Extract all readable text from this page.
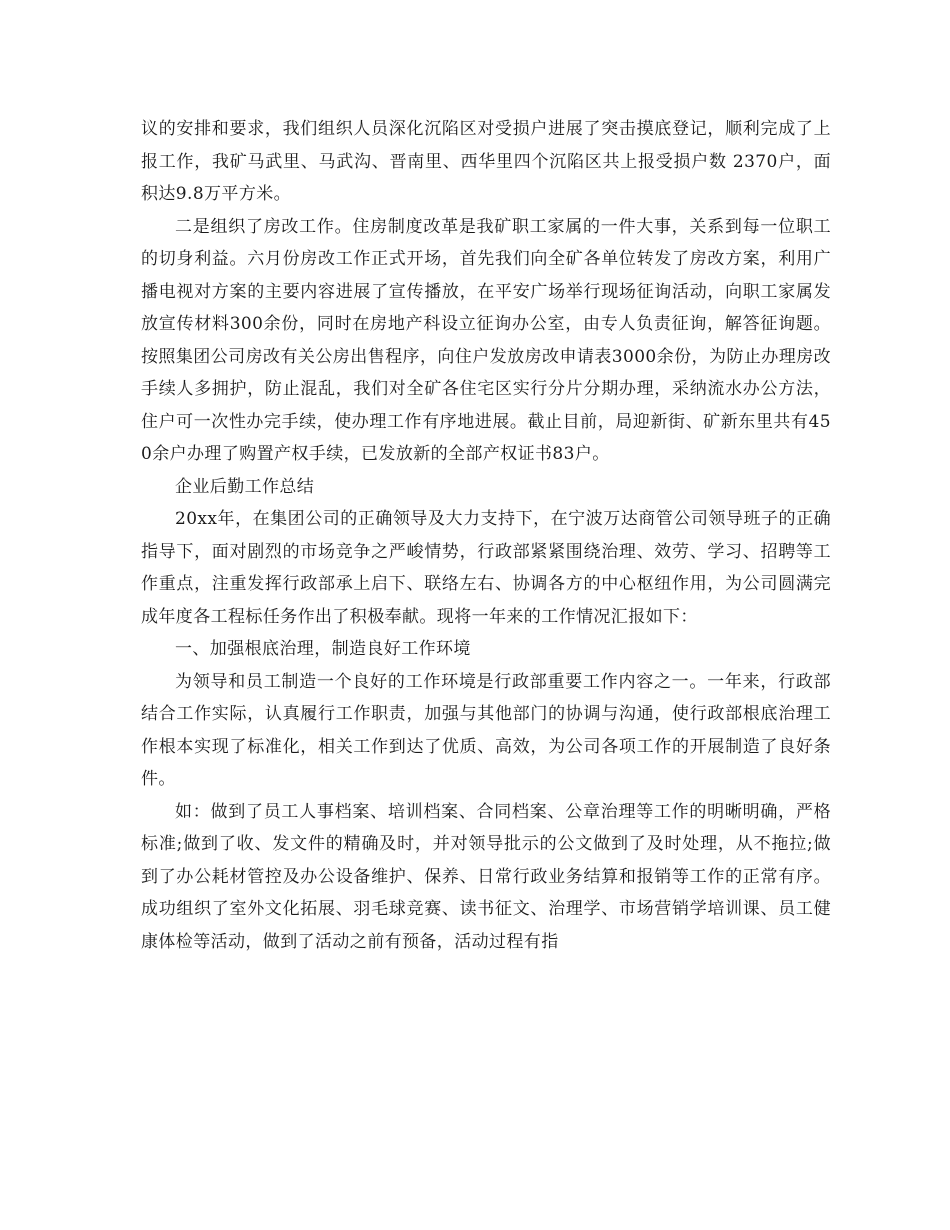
议的安排和要求，我们组织人员深化沉陷区对受损户进展了突击摸底登记，顺利完成了上报工作，我矿马武里、马武沟、晋南里、西华里四个沉陷区共上报受损户数 2370户，面积达9.8万平方米。

二是组织了房改工作。住房制度改革是我矿职工家属的一件大事，关系到每一位职工的切身利益。六月份房改工作正式开场，首先我们向全矿各单位转发了房改方案，利用广播电视对方案的主要内容进展了宣传播放，在平安广场举行现场征询活动，向职工家属发放宣传材料300余份，同时在房地产科设立征询办公室，由专人负责征询，解答征询题。按照集团公司房改有关公房出售程序，向住户发放房改申请表3000余份，为防止办理房改手续人多拥护，防止混乱，我们对全矿各住宅区实行分片分期办理，采纳流水办公方法，住户可一次性办完手续，使办理工作有序地进展。截止目前，局迎新街、矿新东里共有450余户办理了购置产权手续，已发放新的全部产权证书83户。

企业后勤工作总结

20xx年，在集团公司的正确领导及大力支持下，在宁波万达商管公司领导班子的正确指导下，面对剧烈的市场竞争之严峻情势，行政部紧紧围绕治理、效劳、学习、招聘等工作重点，注重发挥行政部承上启下、联络左右、协调各方的中心枢纽作用，为公司圆满完成年度各工程标任务作出了积极奉献。现将一年来的工作情况汇报如下：

一、加强根底治理，制造良好工作环境

为领导和员工制造一个良好的工作环境是行政部重要工作内容之一。一年来，行政部结合工作实际，认真履行工作职责，加强与其他部门的协调与沟通，使行政部根底治理工作根本实现了标准化，相关工作到达了优质、高效，为公司各项工作的开展制造了良好条件。

如：做到了员工人事档案、培训档案、合同档案、公章治理等工作的明晰明确，严格标准;做到了收、发文件的精确及时，并对领导批示的公文做到了及时处理，从不拖拉;做到了办公耗材管控及办公设备维护、保养、日常行政业务结算和报销等工作的正常有序。成功组织了室外文化拓展、羽毛球竞赛、读书征文、治理学、市场营销学培训课、员工健康体检等活动，做到了活动之前有预备，活动过程有指
